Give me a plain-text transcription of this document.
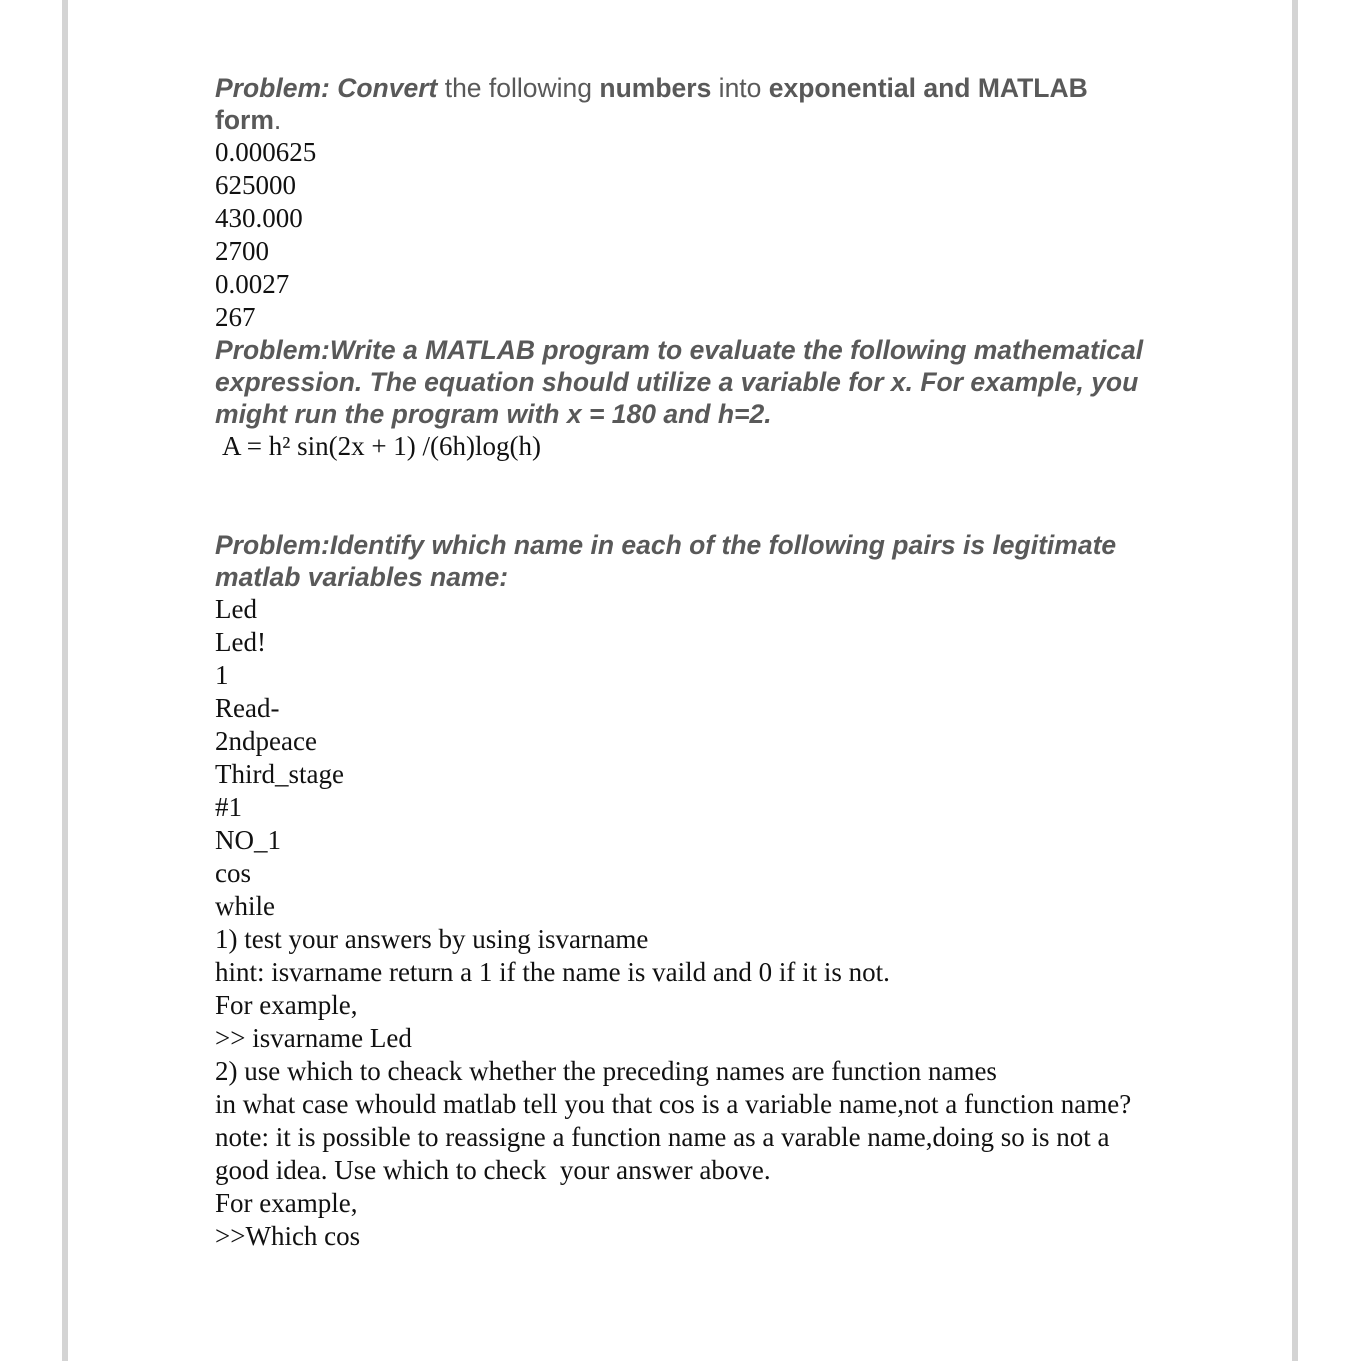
Problem: Convert the following numbers into exponential and MATLAB form.

0.000625

625000

430.000

2700

0.0027

267

Problem:Write a MATLAB program to evaluate the following mathematical expression. The equation should utilize a variable for x. For example, you might run the program with x = 180 and h=2.

A = h² sin(2x + 1) /(6h)log(h)

Problem:Identify which name in each of the following pairs is legitimate matlab variables name:

Led

Led!

1

Read-

2ndpeace

Third_stage

#1

NO_1

cos

while

1) test your answers by using isvarname

hint: isvarname return a 1 if the name is vaild and 0 if it is not.

For example,

>> isvarname Led

2) use which to cheack whether the preceding names are function names

in what case whould matlab tell you that cos is a variable name,not a function name?

note: it is possible to reassigne a function name as a varable name,doing so is not a good idea. Use which to check  your answer above.

For example,

>>Which cos
